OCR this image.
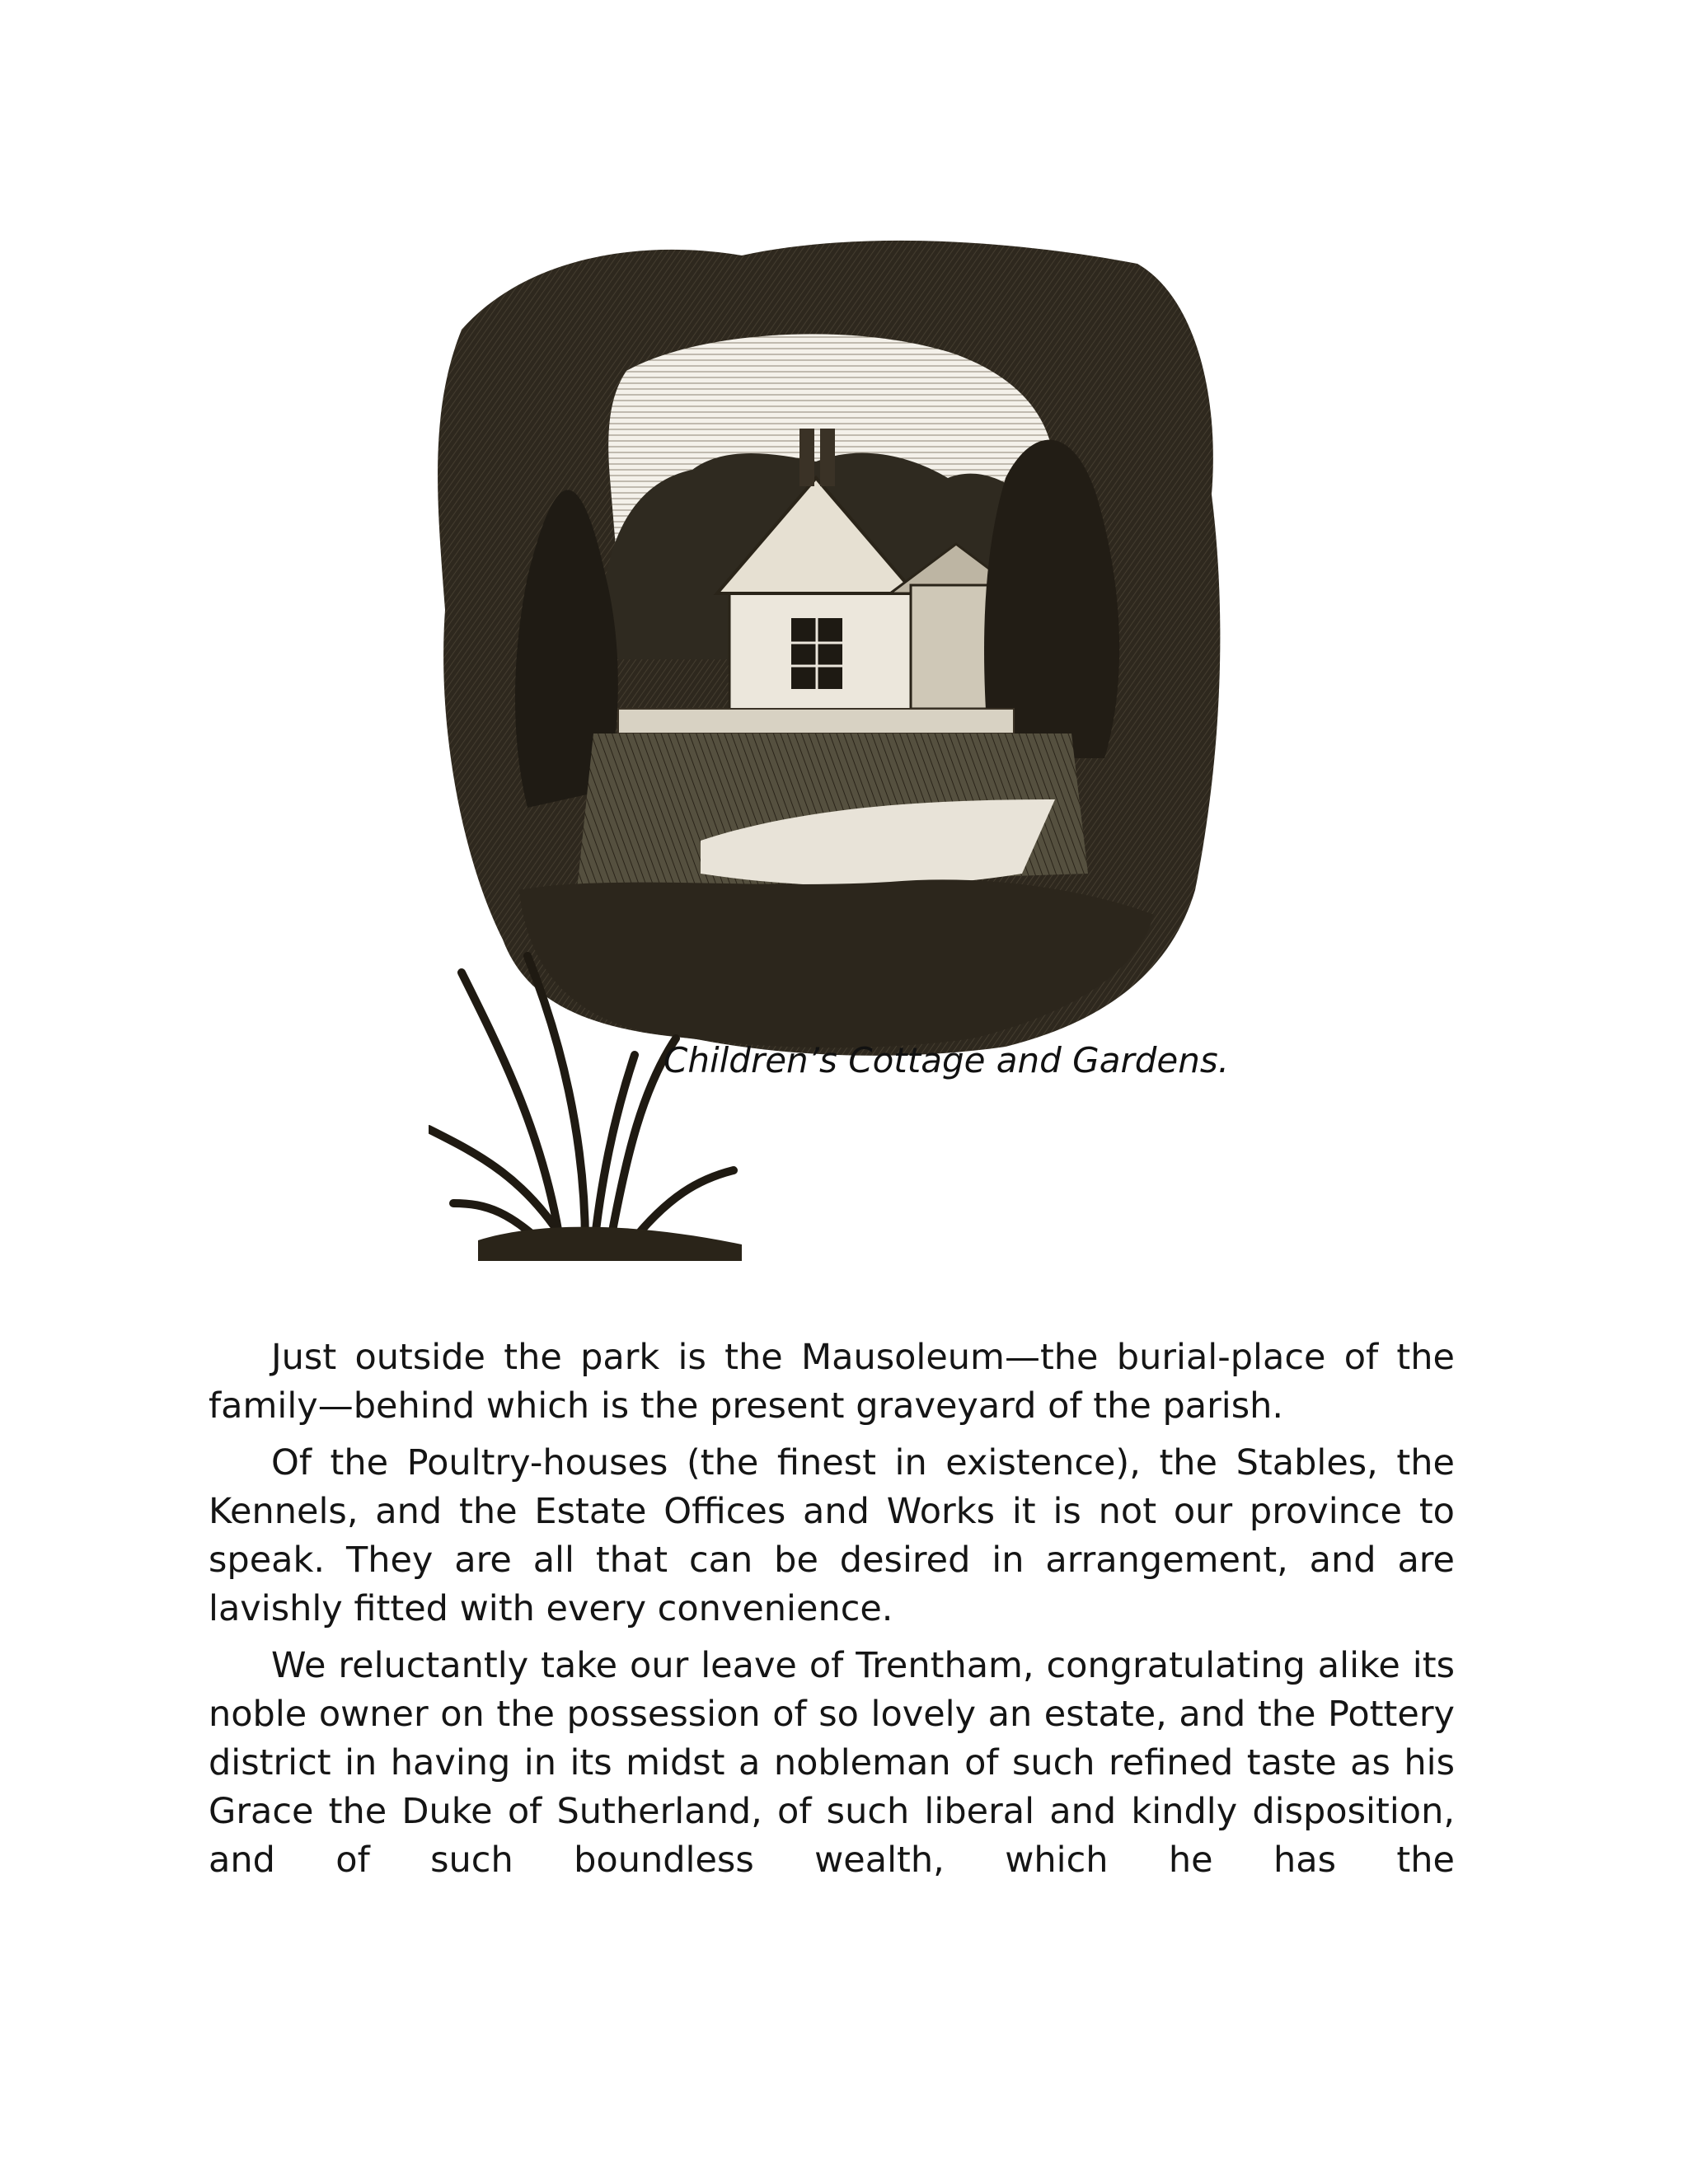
Children’s Cottage and Gardens.

Just outside the park is the Mausoleum—the burial-place of the family—behind which is the present graveyard of the parish.

Of the Poultry-houses (the finest in existence), the Stables, the Kennels, and the Estate Offices and Works it is not our province to speak. They are all that can be desired in arrangement, and are lavishly fitted with every convenience.

We reluctantly take our leave of Trentham, congratulating alike its noble owner on the possession of so lovely an estate, and the Pottery district in having in its midst a nobleman of such refined taste as his Grace the Duke of Sutherland, of such liberal and kindly disposition, and of such boundless wealth, which he has the
